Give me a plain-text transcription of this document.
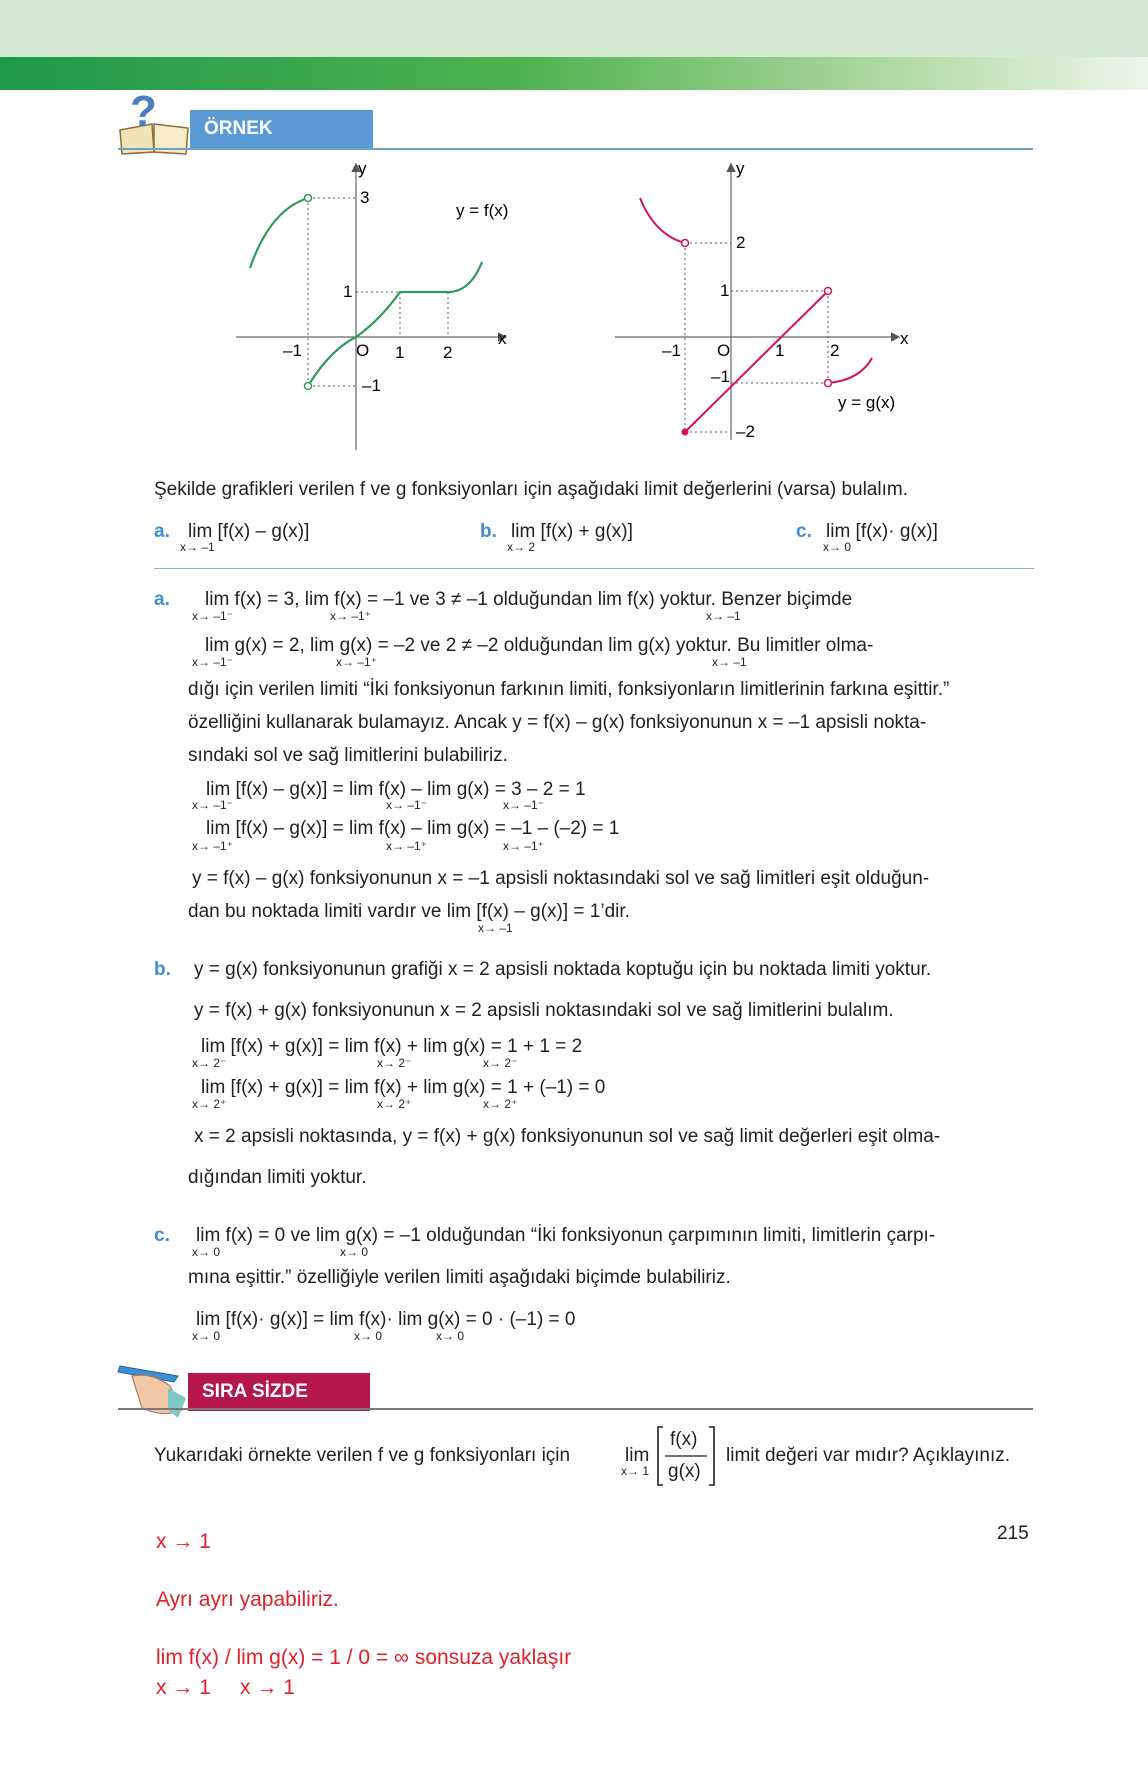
?	ÖRNEK
y
x
3
1
–1
–1	O 1 2
y = f(x)
y
x
2
1
–1
–2
–1 O	1	2
y = g(x)
Şekilde grafikleri verilen f ve g fonksiyonları için aşağıdaki limit değerlerini (varsa) bulalım.
a. lim [f(x) – g(x)]
x→ –1
b. lim [f(x) + g(x)]
x→ 2
c. lim [f(x)· g(x)]
x→ 0
a. lim f(x) = 3, lim f(x) = –1 ve 3 ≠ –1 olduğundan lim f(x) yoktur. Benzer biçimde
x→ –1⁻	x→ –1⁺	x→ –1
lim g(x) = 2, lim g(x) = –2 ve 2 ≠ –2 olduğundan lim g(x) yoktur. Bu limitler olma-
x→ –1⁻	x→ –1⁺	x→ –1
dığı için verilen limiti “İki fonksiyonun farkının limiti, fonksiyonların limitlerinin farkına eşittir.”
özelliğini kullanarak bulamayız. Ancak y = f(x) – g(x) fonksiyonunun x = –1 apsisli nokta-
sındaki sol ve sağ limitlerini bulabiliriz.
lim [f(x) – g(x)] = lim f(x) – lim g(x) = 3 – 2 = 1
x→ –1⁻	x→ –1⁻	x→ –1⁻
lim [f(x) – g(x)] = lim f(x) – lim g(x) = –1 – (–2) = 1
x→ –1⁺	x→ –1⁺	x→ –1⁺
y = f(x) – g(x) fonksiyonunun x = –1 apsisli noktasındaki sol ve sağ limitleri eşit olduğun-
dan bu noktada limiti vardır ve lim [f(x) – g(x)] = 1’dir.
x→ –1
b. y = g(x) fonksiyonunun grafiği x = 2 apsisli noktada koptuğu için bu noktada limiti yoktur.
y = f(x) + g(x) fonksiyonunun x = 2 apsisli noktasındaki sol ve sağ limitlerini bulalım.
lim [f(x) + g(x)] = lim f(x) + lim g(x) = 1 + 1 = 2
x→ 2⁻	x→ 2⁻	x→ 2⁻
lim [f(x) + g(x)] = lim f(x) + lim g(x) = 1 + (–1) = 0
x→ 2⁺	x→ 2⁺	x→ 2⁺
x = 2 apsisli noktasında, y = f(x) + g(x) fonksiyonunun sol ve sağ limit değerleri eşit olma-
dığından limiti yoktur.
c. lim f(x) = 0 ve lim g(x) = –1 olduğundan “İki fonksiyonun çarpımının limiti, limitlerin çarpı-
x→ 0	x→ 0
mına eşittir.” özelliğiyle verilen limiti aşağıdaki biçimde bulabiliriz.
lim [f(x)· g(x)] = lim f(x)· lim g(x) = 0 · (–1) = 0
x→ 0	x→ 0	x→ 0
SIRA SİZDE
Yukarıdaki örnekte verilen f ve g fonksiyonları için	lim
x→ 1
f(x)
g(x)
limit değeri var mıdır? Açıklayınız.
215
x → 1
Ayrı ayrı yapabiliriz.
lim f(x) / lim g(x) = 1 / 0 = ∞ sonsuza yaklaşır
x → 1     x → 1
